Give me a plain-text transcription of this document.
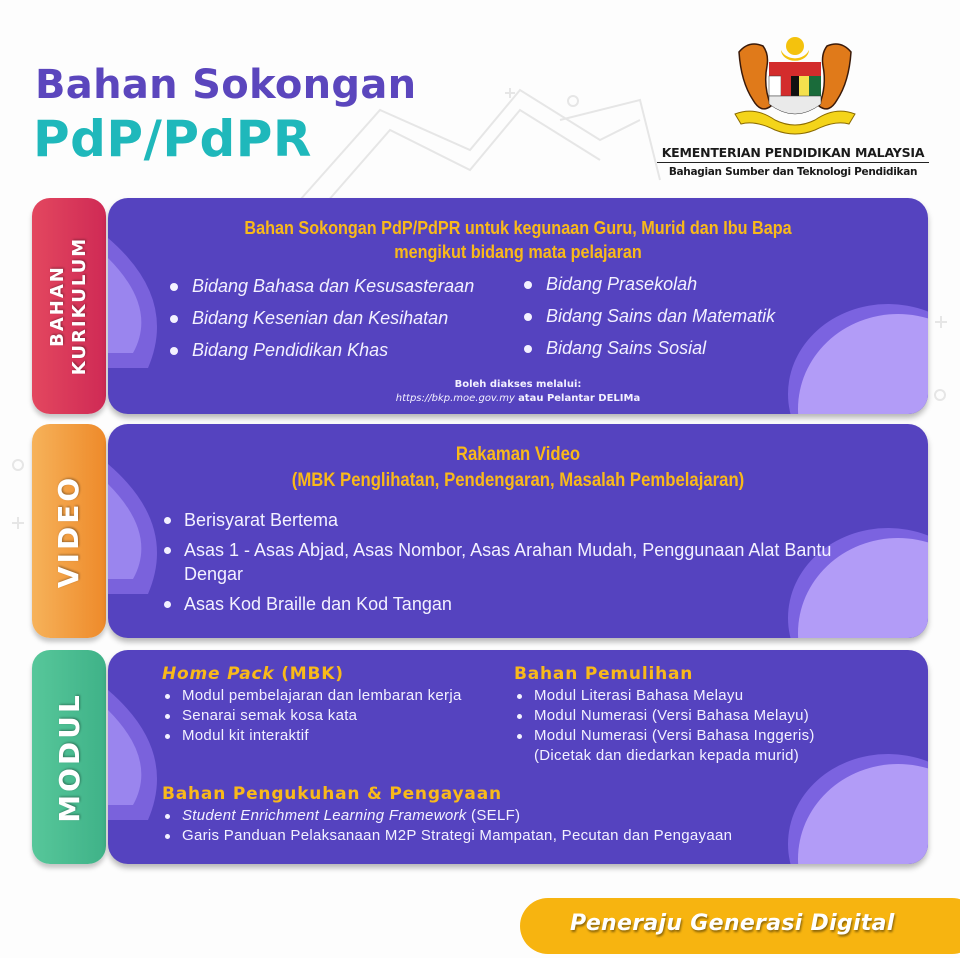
Bahan Sokongan
PdP/PdPR	KEMENTERIAN PENDIDIKAN MALAYSIA
Bahagian Sumber dan Teknologi Pendidikan
BAHAN KURIKULUM
Bahan Sokongan PdP/PdPR untuk kegunaan Guru, Murid dan Ibu Bapa
mengikut bidang mata pelajaran
Bidang Bahasa dan Kesusasteraan
Bidang Kesenian dan Kesihatan
Bidang Pendidikan Khas
Bidang Prasekolah
Bidang Sains dan Matematik
Bidang Sains Sosial
Boleh diakses melalui:
https://bkp.moe.gov.my atau Pelantar DELIMa
VIDEO
Rakaman Video
(MBK Penglihatan, Pendengaran, Masalah Pembelajaran)
Berisyarat Bertema
Asas 1 - Asas Abjad, Asas Nombor, Asas Arahan Mudah, Penggunaan Alat Bantu Dengar
Asas Kod Braille dan Kod Tangan
MODUL
Home Pack (MBK)
Modul pembelajaran dan lembaran kerja
Senarai semak kosa kata
Modul kit interaktif
Bahan Pemulihan
Modul Literasi Bahasa Melayu
Modul Numerasi (Versi Bahasa Melayu)
Modul Numerasi (Versi Bahasa Inggeris)
(Dicetak dan diedarkan kepada murid)
Bahan Pengukuhan & Pengayaan
Student Enrichment Learning Framework (SELF)
Garis Panduan Pelaksanaan M2P Strategi Mampatan, Pecutan dan Pengayaan
Peneraju Generasi Digital
